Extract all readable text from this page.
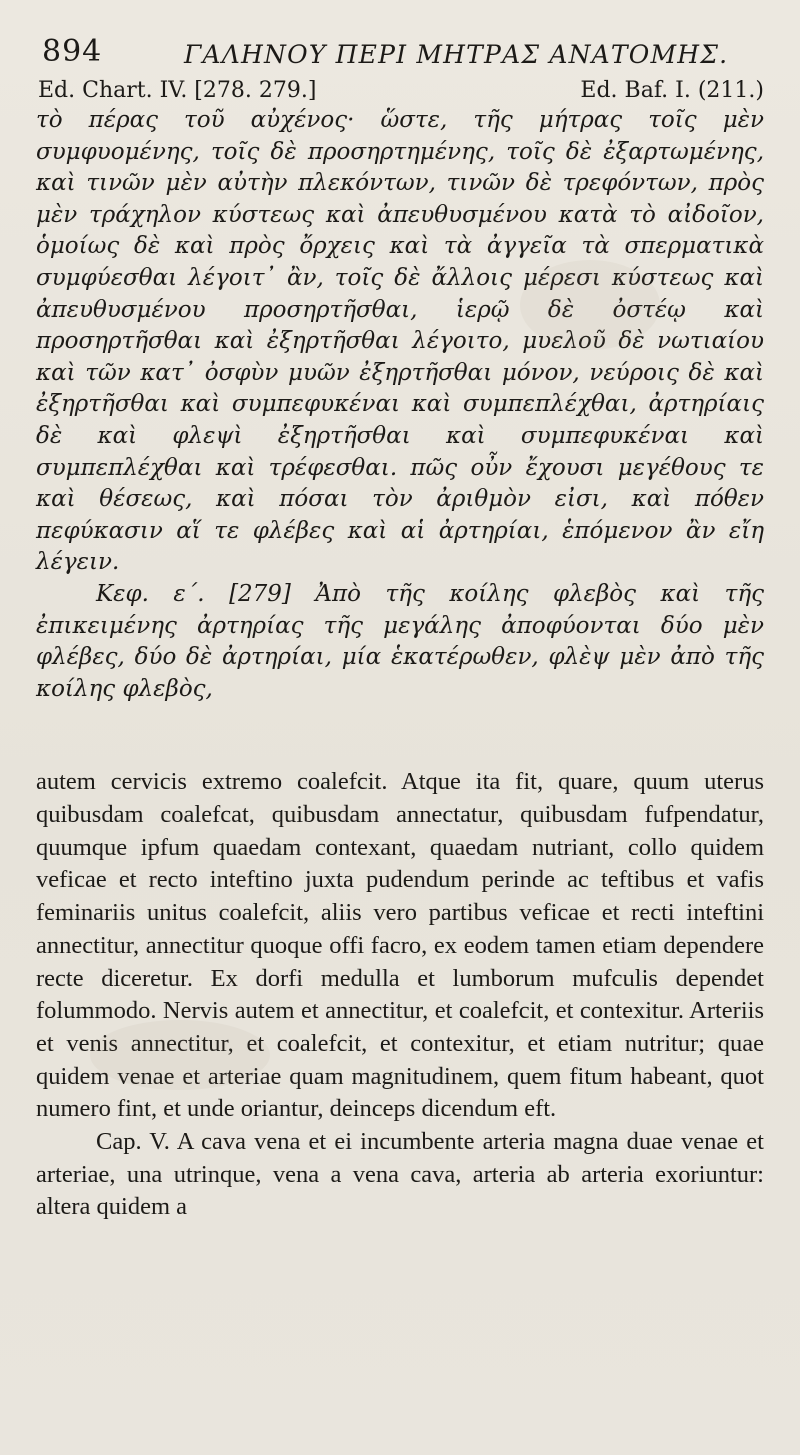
894	ΓΑΛΗΝΟΥ ΠΕΡΙ ΜΗΤΡΑΣ ΑΝΑΤΟΜΗΣ.
Ed. Chart. IV. [278. 279.]	Ed. Baf. I. (211.)

τὸ πέρας τοῦ αὐχένος· ὥστε, τῆς μήτρας τοῖς μὲν συμφυομένης, τοῖς δὲ προσηρτημένης, τοῖς δὲ ἐξαρτωμένης, καὶ τινῶν μὲν αὐτὴν πλεκόντων, τινῶν δὲ τρεφόντων, πρὸς μὲν τράχηλον κύστεως καὶ ἀπευθυσμένου κατὰ τὸ αἰδοῖον, ὁμοίως δὲ καὶ πρὸς ὄρχεις καὶ τὰ ἀγγεῖα τὰ σπερματικὰ συμφύεσθαι λέγοιτ᾽ ἂν, τοῖς δὲ ἄλλοις μέρεσι κύστεως καὶ ἀπευθυσμένου προσηρτῆσθαι, ἱερῷ δὲ ὀστέῳ καὶ προσηρτῆσθαι καὶ ἐξηρτῆσθαι λέγοιτο, μυελοῦ δὲ νωτιαίου καὶ τῶν κατ᾽ ὀσφὺν μυῶν ἐξηρτῆσθαι μόνον, νεύροις δὲ καὶ ἐξηρτῆσθαι καὶ συμπεφυκέναι καὶ συμπεπλέχθαι, ἀρτηρίαις δὲ καὶ φλεψὶ ἐξηρτῆσθαι καὶ συμπεφυκέναι καὶ συμπεπλέχθαι καὶ τρέφεσθαι. πῶς οὖν ἔχουσι μεγέθους τε καὶ θέσεως, καὶ πόσαι τὸν ἀριθμὸν εἰσι, καὶ πόθεν πεφύκασιν αἵ τε φλέβες καὶ αἱ ἀρτηρίαι, ἑπόμενον ἂν εἴη λέγειν.

Κεφ. ε΄. [279] Ἀπὸ τῆς κοίλης φλεβὸς καὶ τῆς ἐπικειμένης ἀρτηρίας τῆς μεγάλης ἀποφύονται δύο μὲν φλέβες, δύο δὲ ἀρτηρίαι, μία ἑκατέρωθεν, φλὲψ μὲν ἀπὸ τῆς κοίλης φλεβὸς,

autem cervicis extremo coalefcit. Atque ita fit, quare, quum uterus quibusdam coalefcat, quibusdam annectatur, quibusdam fufpendatur, quumque ipfum quaedam contexant, quaedam nutriant, collo quidem veficae et recto inteftino juxta pudendum perinde ac teftibus et vafis feminariis unitus coalefcit, aliis vero partibus veficae et recti inteftini annectitur, annectitur quoque offi facro, ex eodem tamen etiam dependere recte diceretur. Ex dorfi medulla et lumborum mufculis dependet folummodo. Nervis autem et annectitur, et coalefcit, et contexitur. Arteriis et venis annectitur, et coalefcit, et contexitur, et etiam nutritur; quae quidem venae et arteriae quam magnitudinem, quem fitum habeant, quot numero fint, et unde oriantur, deinceps dicendum eft.

Cap. V. A cava vena et ei incumbente arteria magna duae venae et arteriae, una utrinque, vena a vena cava, arteria ab arteria exoriuntur: altera quidem a
